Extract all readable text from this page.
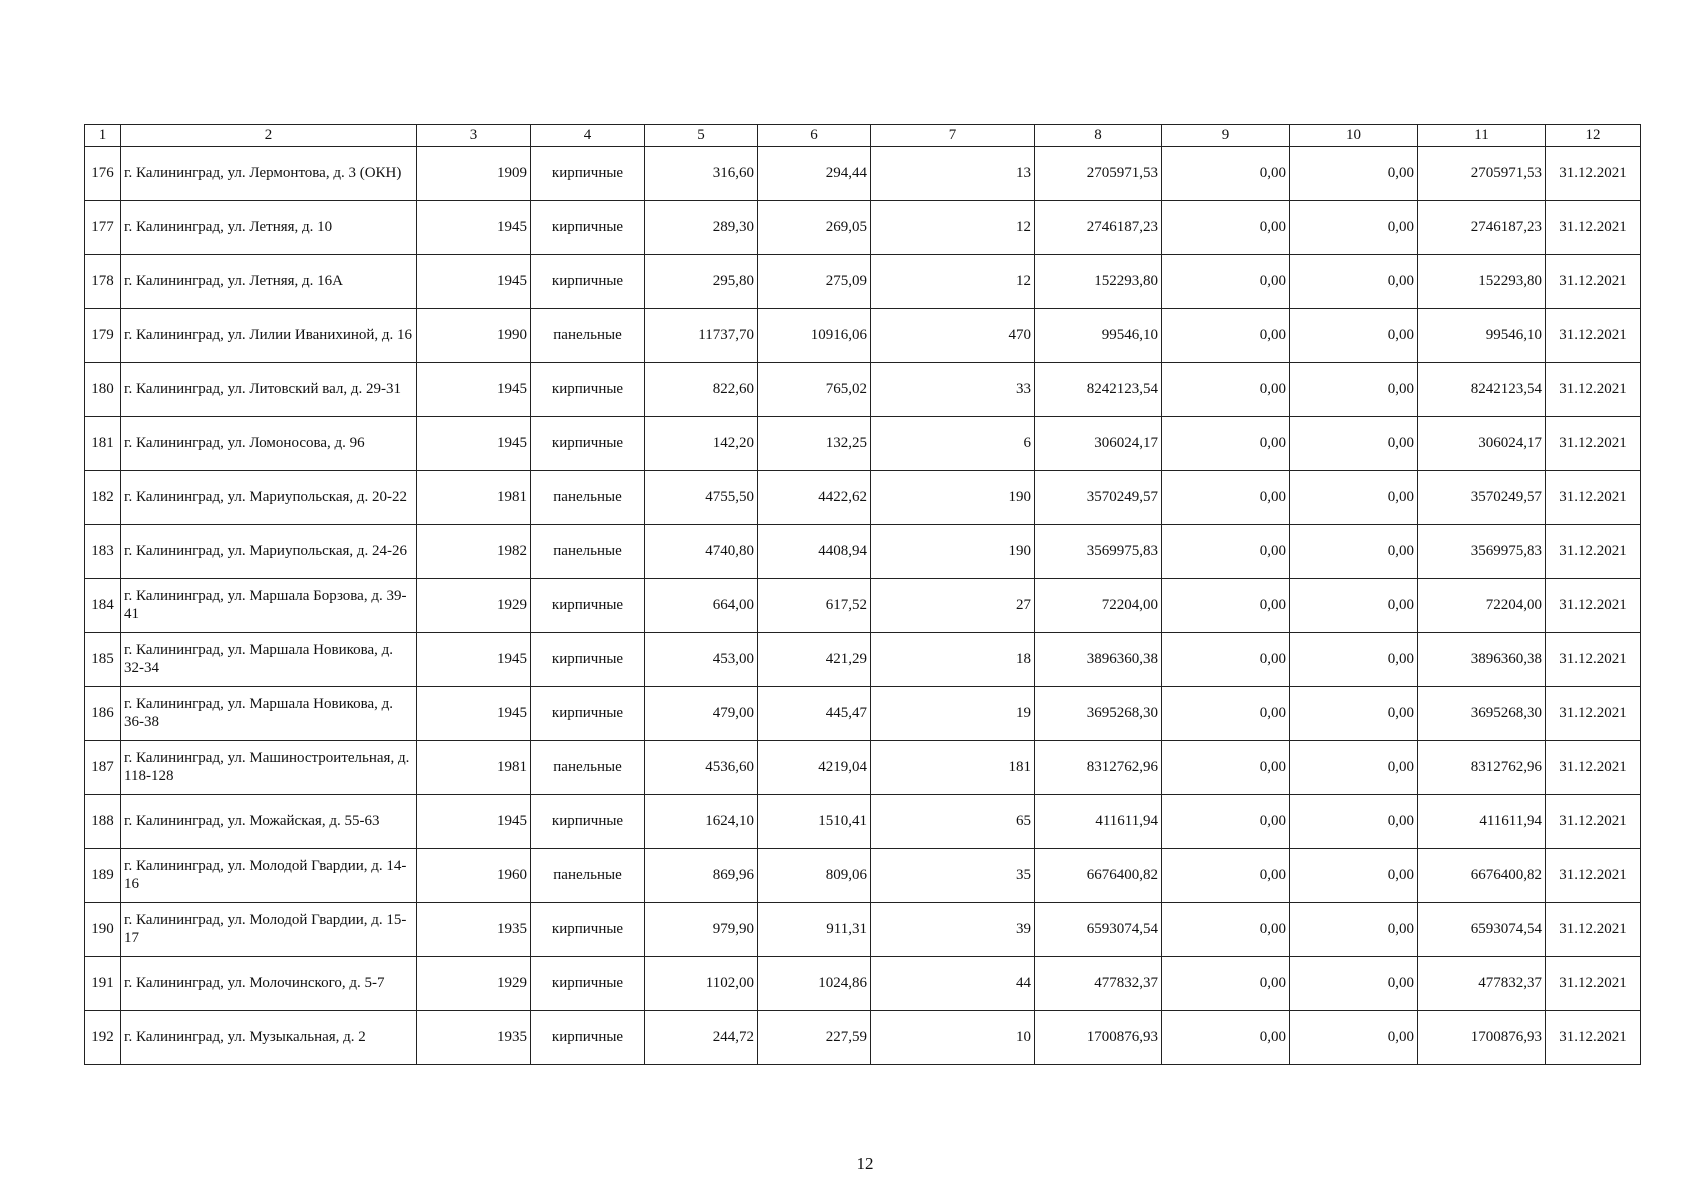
1	2	3	4	5	6	7	8	9	10	11	12
176	г. Калининград, ул. Лермонтова, д. 3 (ОКН)	1909	кирпичные	316,60	294,44	13	2705971,53	0,00	0,00	2705971,53	31.12.2021
177	г. Калининград, ул. Летняя, д. 10	1945	кирпичные	289,30	269,05	12	2746187,23	0,00	0,00	2746187,23	31.12.2021
178	г. Калининград, ул. Летняя, д. 16А	1945	кирпичные	295,80	275,09	12	152293,80	0,00	0,00	152293,80	31.12.2021
179	г. Калининград, ул. Лилии Иванихиной, д. 16	1990	панельные	11737,70	10916,06	470	99546,10	0,00	0,00	99546,10	31.12.2021
180	г. Калининград, ул. Литовский вал, д. 29-31	1945	кирпичные	822,60	765,02	33	8242123,54	0,00	0,00	8242123,54	31.12.2021
181	г. Калининград, ул. Ломоносова, д. 96	1945	кирпичные	142,20	132,25	6	306024,17	0,00	0,00	306024,17	31.12.2021
182	г. Калининград, ул. Мариупольская, д. 20-22	1981	панельные	4755,50	4422,62	190	3570249,57	0,00	0,00	3570249,57	31.12.2021
183	г. Калининград, ул. Мариупольская, д. 24-26	1982	панельные	4740,80	4408,94	190	3569975,83	0,00	0,00	3569975,83	31.12.2021
184	г. Калининград, ул. Маршала Борзова, д. 39-41	1929	кирпичные	664,00	617,52	27	72204,00	0,00	0,00	72204,00	31.12.2021
185	г. Калининград, ул. Маршала Новикова, д. 32-34	1945	кирпичные	453,00	421,29	18	3896360,38	0,00	0,00	3896360,38	31.12.2021
186	г. Калининград, ул. Маршала Новикова, д. 36-38	1945	кирпичные	479,00	445,47	19	3695268,30	0,00	0,00	3695268,30	31.12.2021
187	г. Калининград, ул. Машиностроительная, д. 118-128	1981	панельные	4536,60	4219,04	181	8312762,96	0,00	0,00	8312762,96	31.12.2021
188	г. Калининград, ул. Можайская, д. 55-63	1945	кирпичные	1624,10	1510,41	65	411611,94	0,00	0,00	411611,94	31.12.2021
189	г. Калининград, ул. Молодой Гвардии, д. 14-16	1960	панельные	869,96	809,06	35	6676400,82	0,00	0,00	6676400,82	31.12.2021
190	г. Калининград, ул. Молодой Гвардии, д. 15-17	1935	кирпичные	979,90	911,31	39	6593074,54	0,00	0,00	6593074,54	31.12.2021
191	г. Калининград, ул. Молочинского, д. 5-7	1929	кирпичные	1102,00	1024,86	44	477832,37	0,00	0,00	477832,37	31.12.2021
192	г. Калининград, ул. Музыкальная, д. 2	1935	кирпичные	244,72	227,59	10	1700876,93	0,00	0,00	1700876,93	31.12.2021
12
